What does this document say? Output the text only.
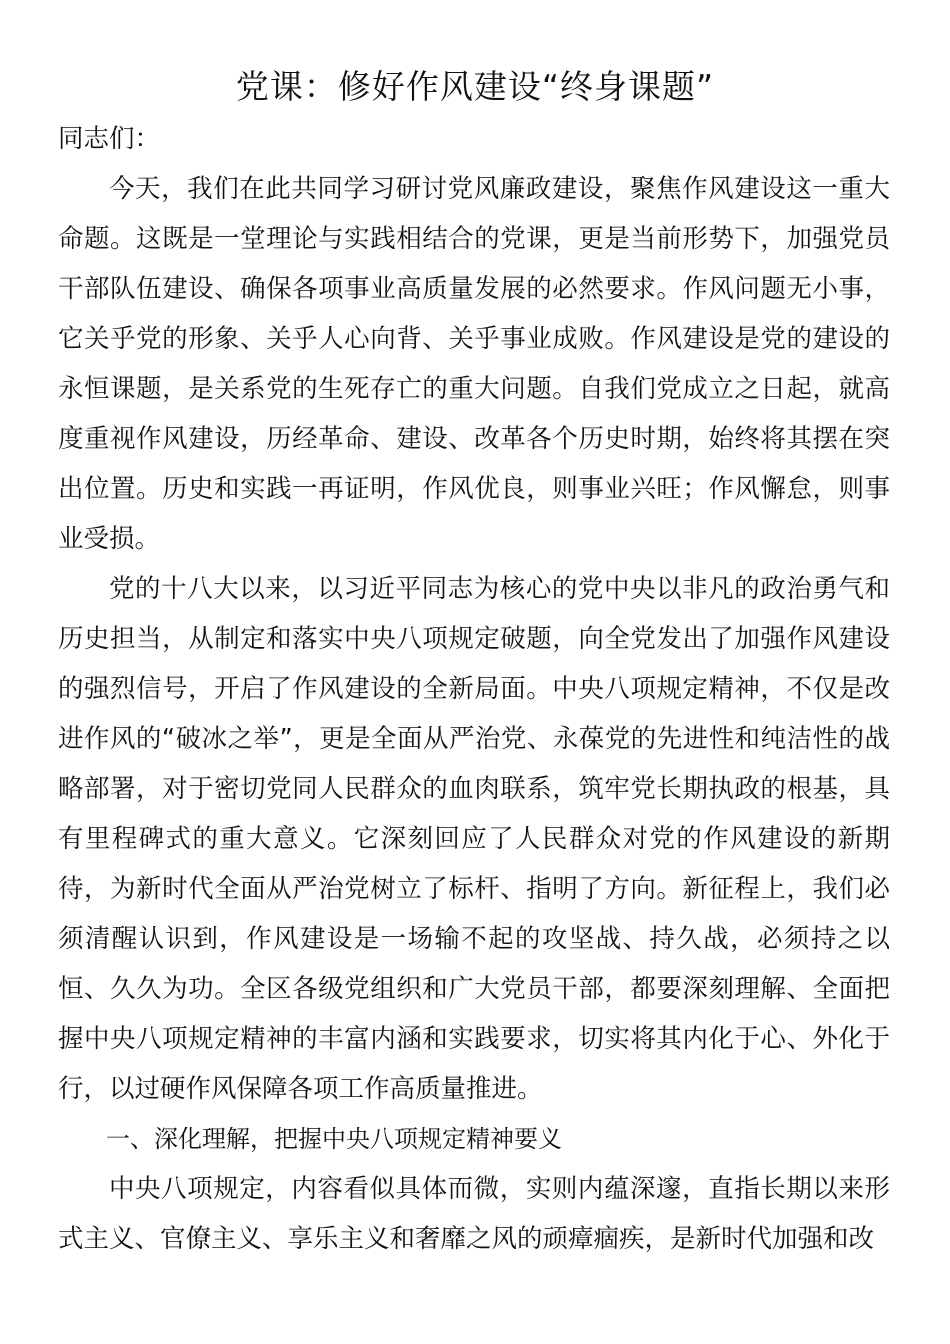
党课：修好作风建设“终身课题”

同志们：

今天，我们在此共同学习研讨党风廉政建设，聚焦作风建设这一重大命题。这既是一堂理论与实践相结合的党课，更是当前形势下，加强党员干部队伍建设、确保各项事业高质量发展的必然要求。作风问题无小事，它关乎党的形象、关乎人心向背、关乎事业成败。作风建设是党的建设的永恒课题，是关系党的生死存亡的重大问题。自我们党成立之日起，就高度重视作风建设，历经革命、建设、改革各个历史时期，始终将其摆在突出位置。历史和实践一再证明，作风优良，则事业兴旺；作风懈怠，则事业受损。

党的十八大以来，以习近平同志为核心的党中央以非凡的政治勇气和历史担当，从制定和落实中央八项规定破题，向全党发出了加强作风建设的强烈信号，开启了作风建设的全新局面。中央八项规定精神，不仅是改进作风的“破冰之举”，更是全面从严治党、永葆党的先进性和纯洁性的战略部署，对于密切党同人民群众的血肉联系，筑牢党长期执政的根基，具有里程碑式的重大意义。它深刻回应了人民群众对党的作风建设的新期待，为新时代全面从严治党树立了标杆、指明了方向。新征程上，我们必须清醒认识到，作风建设是一场输不起的攻坚战、持久战，必须持之以恒、久久为功。全区各级党组织和广大党员干部，都要深刻理解、全面把握中央八项规定精神的丰富内涵和实践要求，切实将其内化于心、外化于行，以过硬作风保障各项工作高质量推进。

一、深化理解，把握中央八项规定精神要义

中央八项规定，内容看似具体而微，实则内蕴深邃，直指长期以来形式主义、官僚主义、享乐主义和奢靡之风的顽瘴痼疾，是新时代加强和改
